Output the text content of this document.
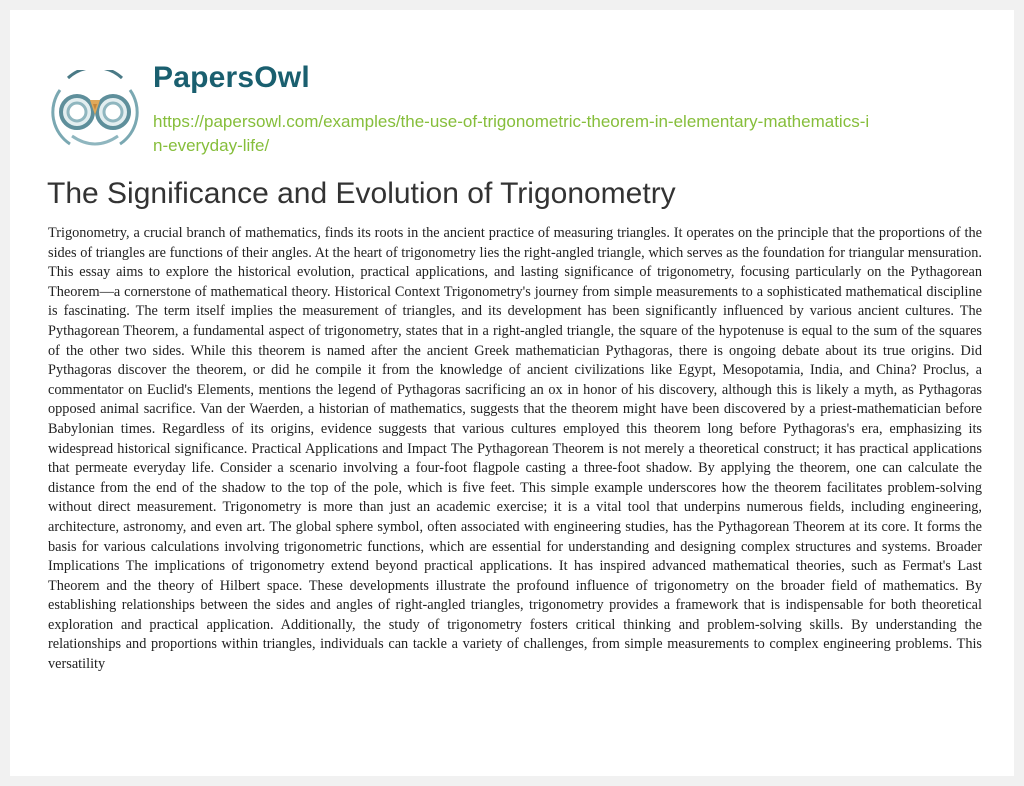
PapersOwl
https://papersowl.com/examples/the-use-of-trigonometric-theorem-in-elementary-mathematics-in-everyday-life/
The Significance and Evolution of Trigonometry

Trigonometry, a crucial branch of mathematics, finds its roots in the ancient practice of measuring triangles. It operates on the principle that the proportions of the sides of triangles are functions of their angles. At the heart of trigonometry lies the right-angled triangle, which serves as the foundation for triangular mensuration. This essay aims to explore the historical evolution, practical applications, and lasting significance of trigonometry, focusing particularly on the Pythagorean Theorem—a cornerstone of mathematical theory. Historical Context Trigonometry's journey from simple measurements to a sophisticated mathematical discipline is fascinating. The term itself implies the measurement of triangles, and its development has been significantly influenced by various ancient cultures. The Pythagorean Theorem, a fundamental aspect of trigonometry, states that in a right-angled triangle, the square of the hypotenuse is equal to the sum of the squares of the other two sides. While this theorem is named after the ancient Greek mathematician Pythagoras, there is ongoing debate about its true origins. Did Pythagoras discover the theorem, or did he compile it from the knowledge of ancient civilizations like Egypt, Mesopotamia, India, and China? Proclus, a commentator on Euclid's Elements, mentions the legend of Pythagoras sacrificing an ox in honor of his discovery, although this is likely a myth, as Pythagoras opposed animal sacrifice. Van der Waerden, a historian of mathematics, suggests that the theorem might have been discovered by a priest-mathematician before Babylonian times. Regardless of its origins, evidence suggests that various cultures employed this theorem long before Pythagoras's era, emphasizing its widespread historical significance. Practical Applications and Impact The Pythagorean Theorem is not merely a theoretical construct; it has practical applications that permeate everyday life. Consider a scenario involving a four-foot flagpole casting a three-foot shadow. By applying the theorem, one can calculate the distance from the end of the shadow to the top of the pole, which is five feet. This simple example underscores how the theorem facilitates problem-solving without direct measurement. Trigonometry is more than just an academic exercise; it is a vital tool that underpins numerous fields, including engineering, architecture, astronomy, and even art. The global sphere symbol, often associated with engineering studies, has the Pythagorean Theorem at its core. It forms the basis for various calculations involving trigonometric functions, which are essential for understanding and designing complex structures and systems. Broader Implications The implications of trigonometry extend beyond practical applications. It has inspired advanced mathematical theories, such as Fermat's Last Theorem and the theory of Hilbert space. These developments illustrate the profound influence of trigonometry on the broader field of mathematics. By establishing relationships between the sides and angles of right-angled triangles, trigonometry provides a framework that is indispensable for both theoretical exploration and practical application. Additionally, the study of trigonometry fosters critical thinking and problem-solving skills. By understanding the relationships and proportions within triangles, individuals can tackle a variety of challenges, from simple measurements to complex engineering problems. This versatility
